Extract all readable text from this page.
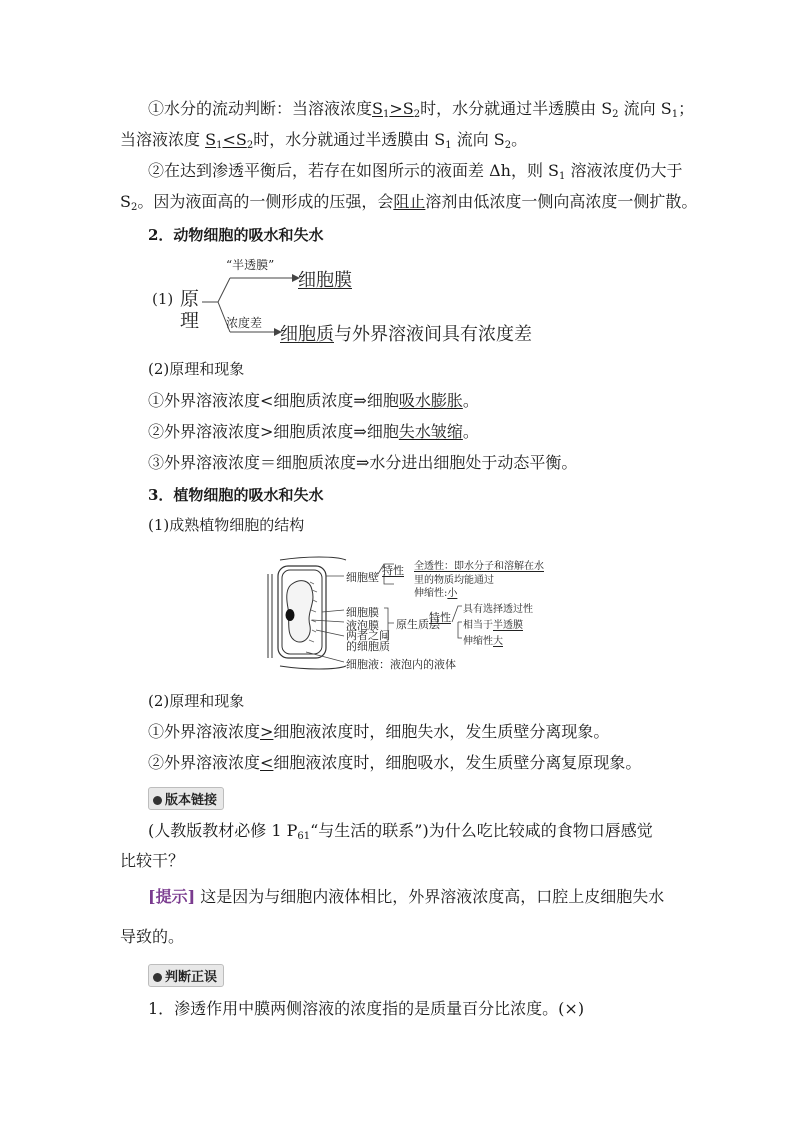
①水分的流动判断：当溶液浓度$S_1>S_2$时，水分就通过半透膜由 $S_2$ 流向 $S_1$；
当溶液浓度 $S_1<S_2$时，水分就通过半透膜由 $S_1$ 流向 $S_2$。
②在达到渗透平衡后，若存在如图所示的液面差 Δh，则 $S_1$ 溶液浓度仍大于
$S_2$。因为液面高的一侧形成的压强，会阻止溶剂由低浓度一侧向高浓度一侧扩散。
2．动物细胞的吸水和失水
(1) 原
理
“半透膜”
细胞膜
浓度差
细胞质与外界溶液间具有浓度差
(2)原理和现象
①外界溶液浓度<细胞质浓度⇒细胞吸水膨胀。
②外界溶液浓度>细胞质浓度⇒细胞失水皱缩。
③外界溶液浓度＝细胞质浓度⇒水分进出细胞处于动态平衡。
3．植物细胞的吸水和失水
(1)成熟植物细胞的结构
细胞壁
特性 全透性：即水分子和溶解在水
里的物质均能通过
伸缩性:小
细胞膜
液泡膜
两者之间
的细胞质
原生质层
特性
具有选择透过性
相当于半透膜
伸缩性大
细胞液：液泡内的液体
(2)原理和现象
①外界溶液浓度>细胞液浓度时，细胞失水，发生质壁分离现象。
②外界溶液浓度<细胞液浓度时，细胞吸水，发生质壁分离复原现象。
版本链接
(人教版教材必修 1 $P_{61}“$与生活的联系”)为什么吃比较咸的食物口唇感觉
比较干？
[提示] 这是因为与细胞内液体相比，外界溶液浓度高，口腔上皮细胞失水
导致的。
判断正误
1．渗透作用中膜两侧溶液的浓度指的是质量百分比浓度。(×)
